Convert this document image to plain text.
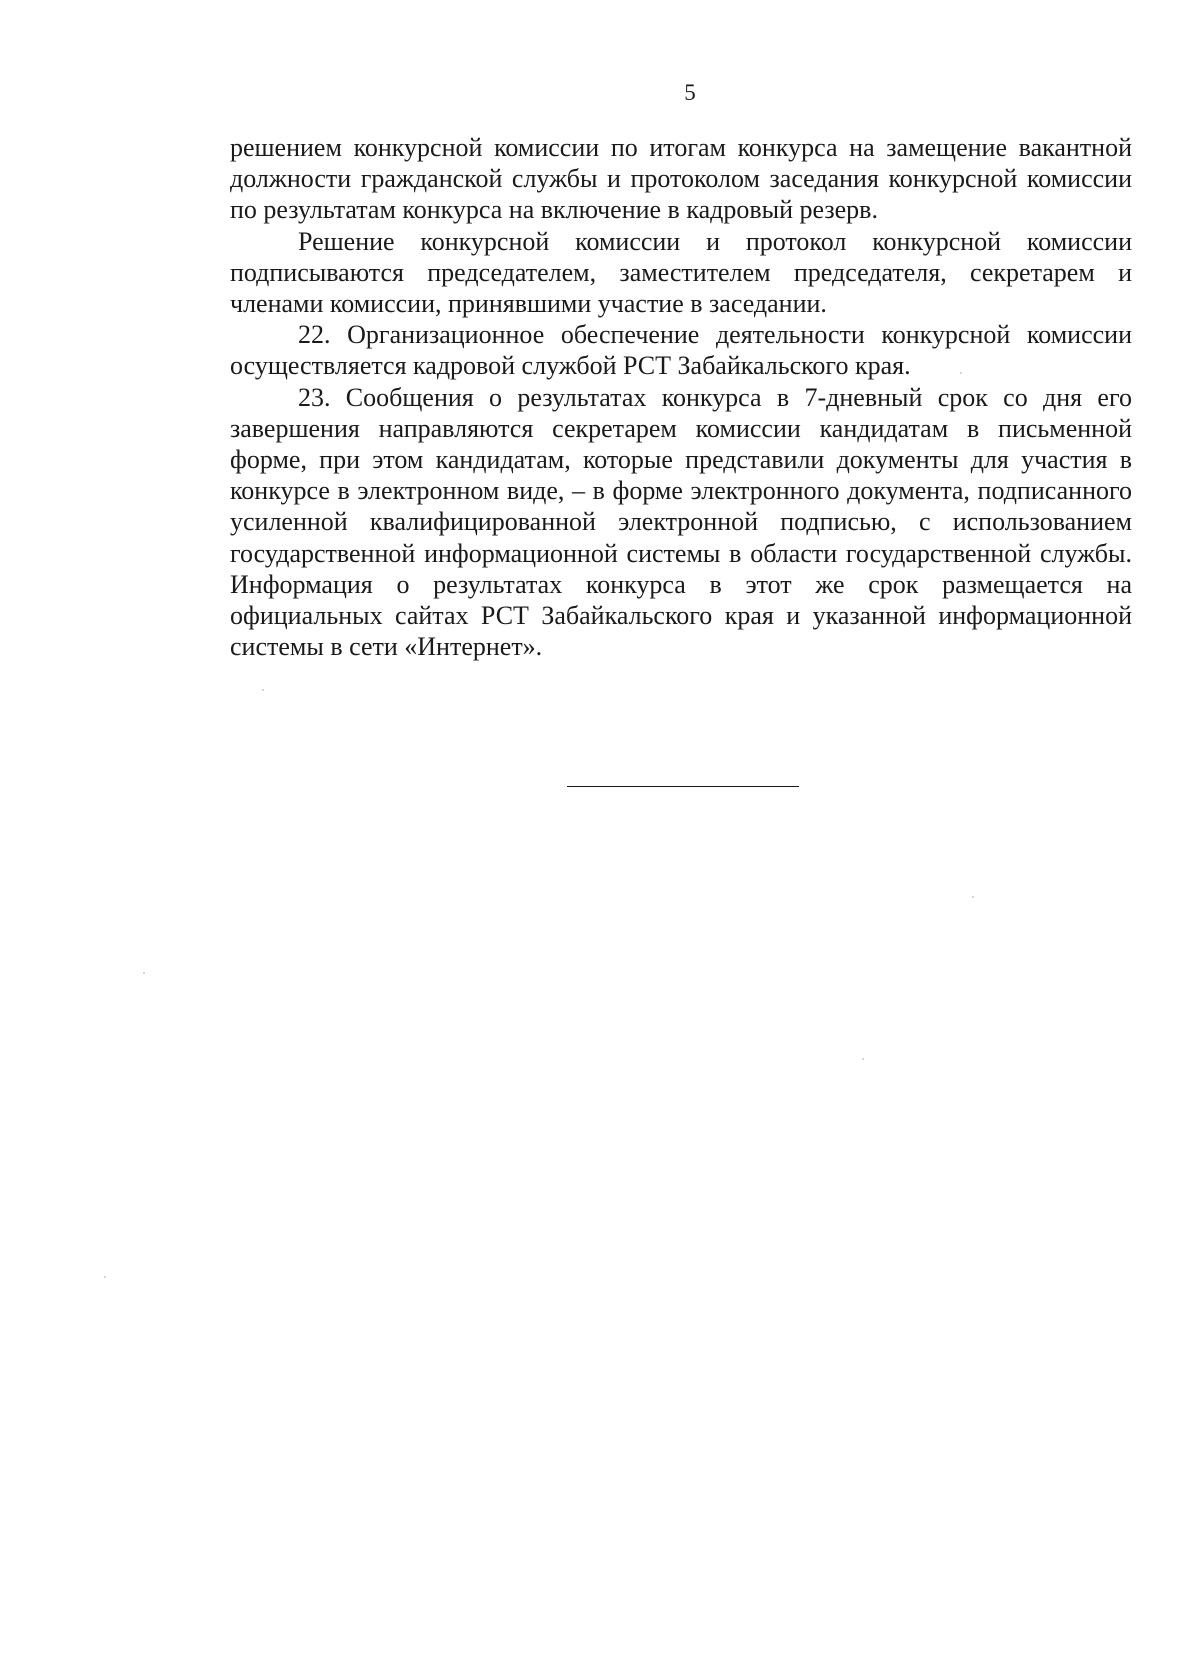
5

решением конкурсной комиссии по итогам конкурса на замещение вакантной должности гражданской службы и протоколом заседания конкурсной комиссии по результатам конкурса на включение в кадровый резерв.

Решение конкурсной комиссии и протокол конкурсной комиссии подписываются председателем, заместителем председателя, секретарем и членами комиссии, принявшими участие в заседании.

22. Организационное обеспечение деятельности конкурсной комиссии осуществляется кадровой службой РСТ Забайкальского края.

23. Сообщения о результатах конкурса в 7-дневный срок со дня его завершения направляются секретарем комиссии кандидатам в письменной форме, при этом кандидатам, которые представили документы для участия в конкурсе в электронном виде, – в форме электронного документа, подписанного усиленной квалифицированной электронной подписью, с использованием государственной информационной системы в области государственной службы. Информация о результатах конкурса в этот же срок размещается на официальных сайтах РСТ Забайкальского края и указанной информационной системы в сети «Интернет».
